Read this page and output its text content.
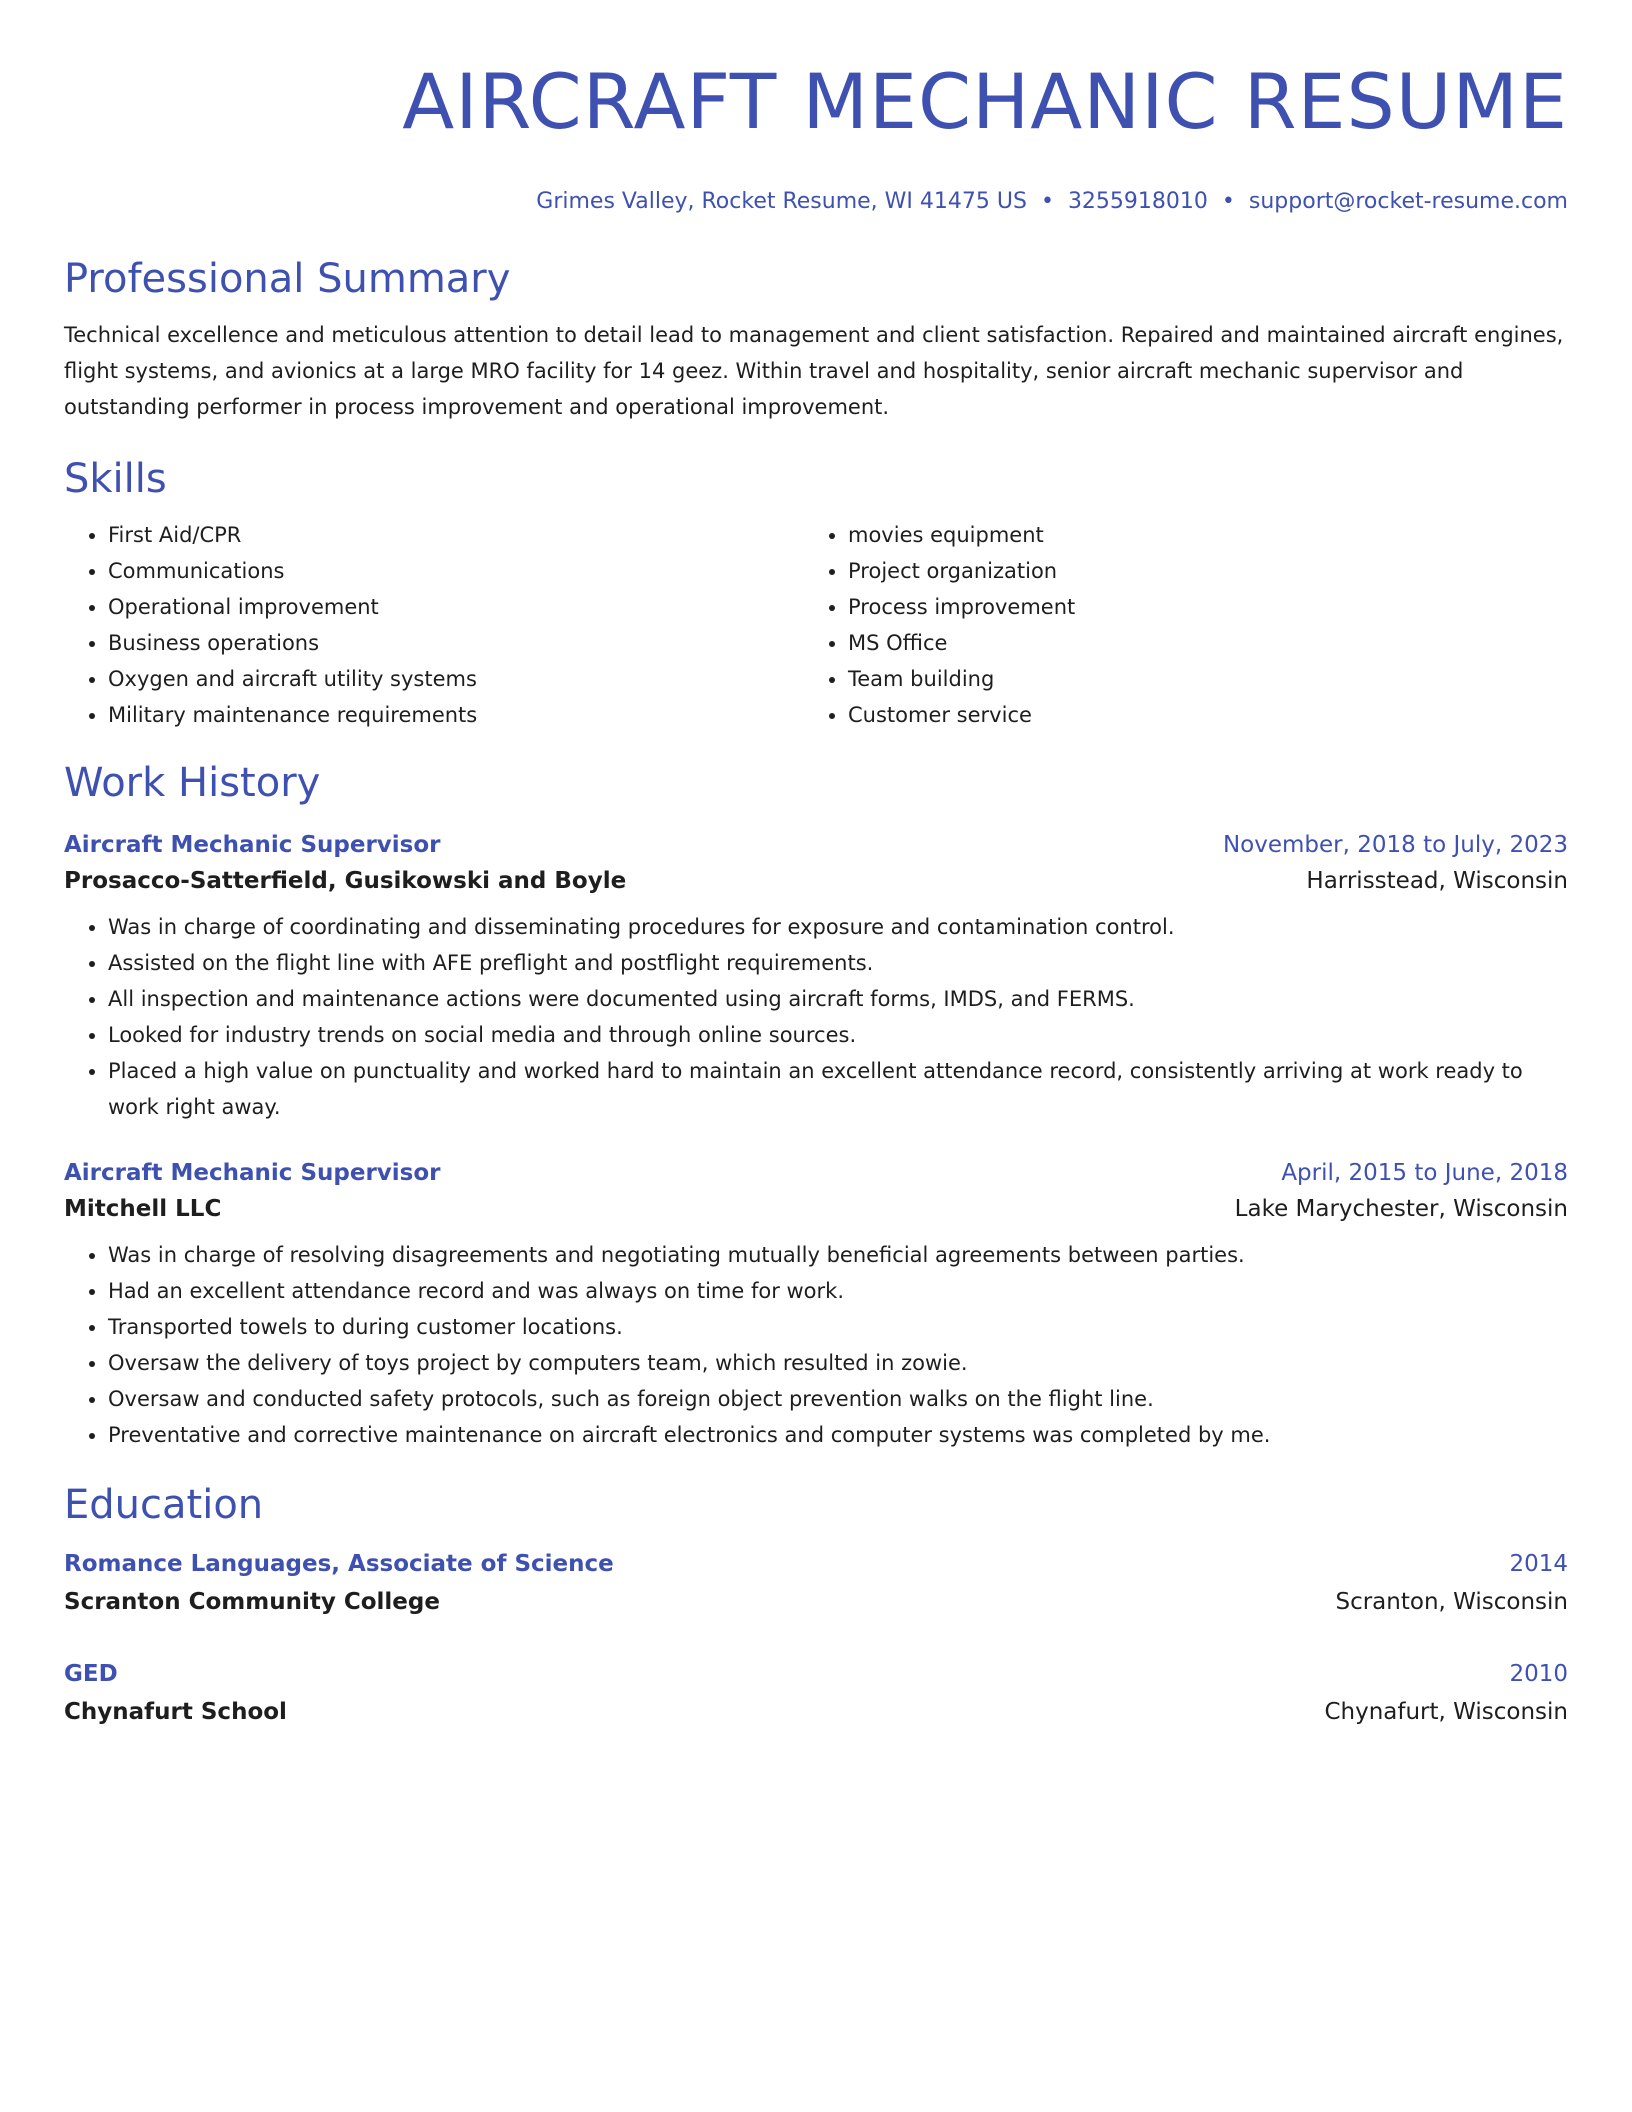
AIRCRAFT MECHANIC RESUME
Grimes Valley, Rocket Resume, WI 41475 US • 3255918010 • support@rocket-resume.com
Professional Summary

Technical excellence and meticulous attention to detail lead to management and client satisfaction. Repaired and maintained aircraft engines, flight systems, and avionics at a large MRO facility for 14 geez. Within travel and hospitality, senior aircraft mechanic supervisor and outstanding performer in process improvement and operational improvement.

Skills
• First Aid/CPR
• Communications
• Operational improvement
• Business operations
• Oxygen and aircraft utility systems
• Military maintenance requirements
• movies equipment
• Project organization
• Process improvement
• MS Office
• Team building
• Customer service
Work History
Aircraft Mechanic Supervisor	November, 2018 to July, 2023
Prosacco-Satterfield, Gusikowski and Boyle	Harrisstead, Wisconsin
• Was in charge of coordinating and disseminating procedures for exposure and contamination control.
• Assisted on the flight line with AFE preflight and postflight requirements.
• All inspection and maintenance actions were documented using aircraft forms, IMDS, and FERMS.
• Looked for industry trends on social media and through online sources.
• Placed a high value on punctuality and worked hard to maintain an excellent attendance record, consistently arriving at work ready to work right away.
Aircraft Mechanic Supervisor	April, 2015 to June, 2018
Mitchell LLC	Lake Marychester, Wisconsin
• Was in charge of resolving disagreements and negotiating mutually beneficial agreements between parties.
• Had an excellent attendance record and was always on time for work.
• Transported towels to during customer locations.
• Oversaw the delivery of toys project by computers team, which resulted in zowie.
• Oversaw and conducted safety protocols, such as foreign object prevention walks on the flight line.
• Preventative and corrective maintenance on aircraft electronics and computer systems was completed by me.
Education
Romance Languages, Associate of Science	2014
Scranton Community College	Scranton, Wisconsin
GED	2010
Chynafurt School	Chynafurt, Wisconsin
